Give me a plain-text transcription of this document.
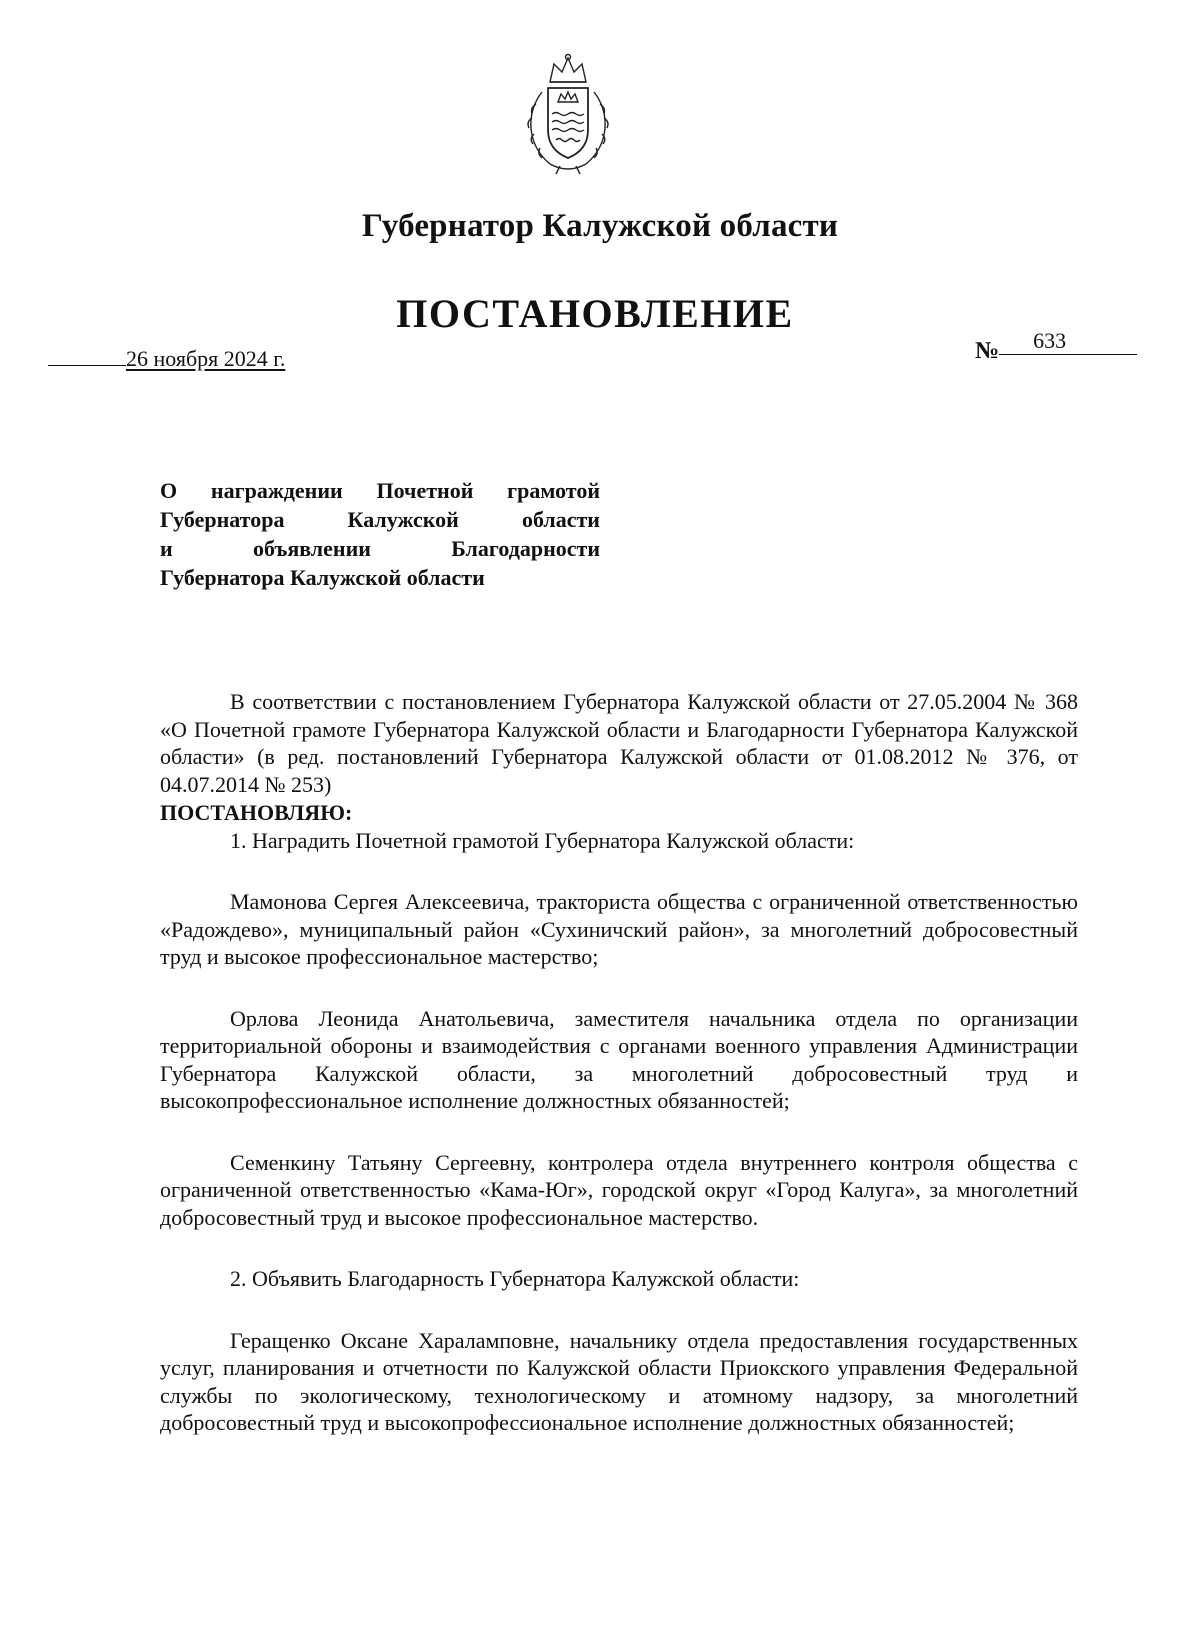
Губернатор Калужской области
ПОСТАНОВЛЕНИЕ
26 ноября 2024 г.	№ 633
О награждении Почетной грамотой
Губернатора Калужской области
и объявлении Благодарности
Губернатора Калужской области

В соответствии с постановлением Губернатора Калужской области от 27.05.2004 № 368 «О Почетной грамоте Губернатора Калужской области и Благодарности Губернатора Калужской области» (в ред. постановлений Губернатора Калужской области от 01.08.2012 № 376, от 04.07.2014 № 253)

ПОСТАНОВЛЯЮ:

1. Наградить Почетной грамотой Губернатора Калужской области:

Мамонова Сергея Алексеевича, тракториста общества с ограниченной ответственностью «Радождево», муниципальный район «Сухиничский район», за многолетний добросовестный труд и высокое профессиональное мастерство;

Орлова Леонида Анатольевича, заместителя начальника отдела по организации территориальной обороны и взаимодействия с органами военного управления Администрации Губернатора Калужской области, за многолетний добросовестный труд и высокопрофессиональное исполнение должностных обязанностей;

Семенкину Татьяну Сергеевну, контролера отдела внутреннего контроля общества с ограниченной ответственностью «Кама-Юг», городской округ «Город Калуга», за многолетний добросовестный труд и высокое профессиональное мастерство.

2. Объявить Благодарность Губернатора Калужской области:

Геращенко Оксане Хараламповне, начальнику отдела предоставления государственных услуг, планирования и отчетности по Калужской области Приокского управления Федеральной службы по экологическому, технологическому и атомному надзору, за многолетний добросовестный труд и высокопрофессиональное исполнение должностных обязанностей;
